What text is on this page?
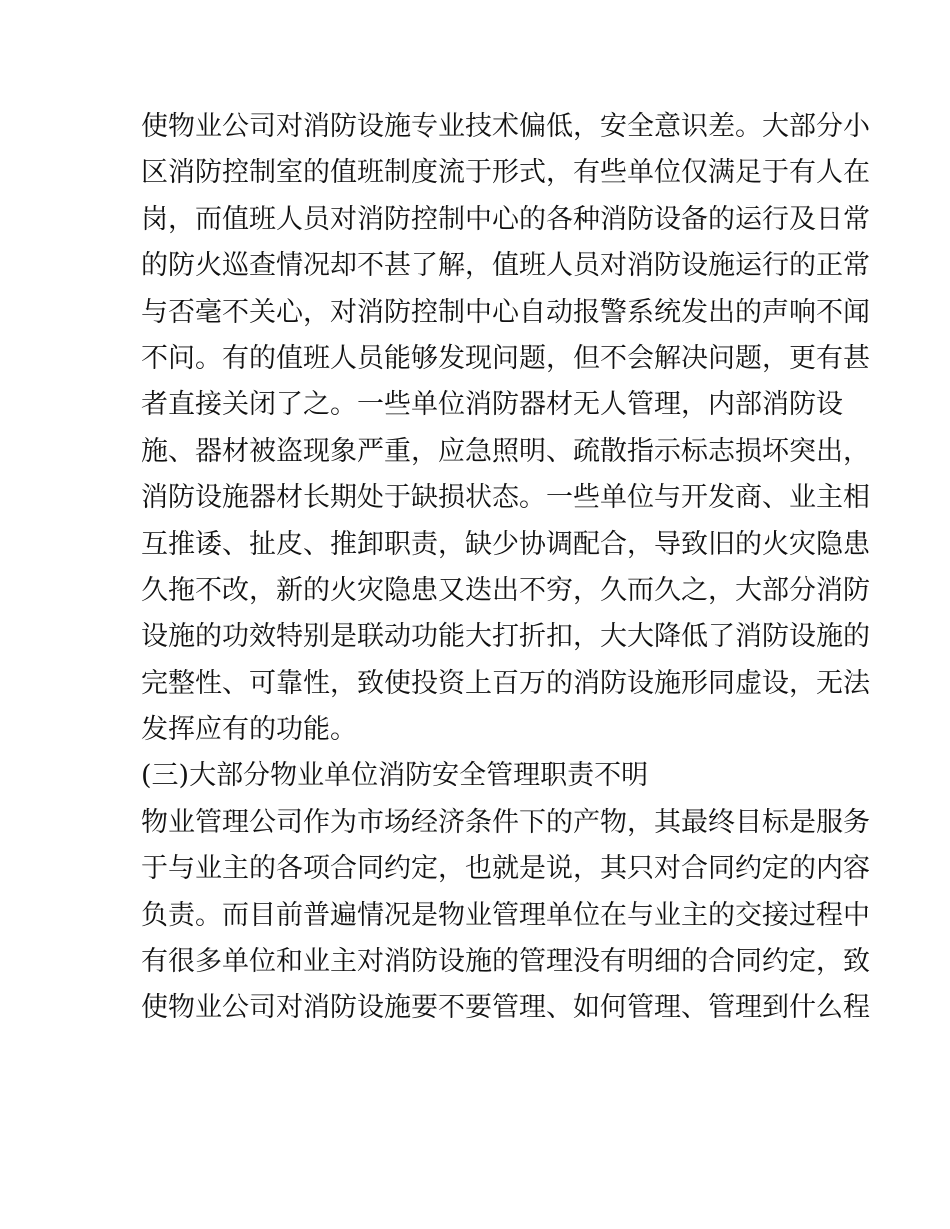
使物业公司对消防设施专业技术偏低，安全意识差。大部分小
区消防控制室的值班制度流于形式，有些单位仅满足于有人在
岗，而值班人员对消防控制中心的各种消防设备的运行及日常
的防火巡查情况却不甚了解，值班人员对消防设施运行的正常
与否毫不关心，对消防控制中心自动报警系统发出的声响不闻
不问。有的值班人员能够发现问题，但不会解决问题，更有甚
者直接关闭了之。一些单位消防器材无人管理，内部消防设
施、器材被盗现象严重，应急照明、疏散指示标志损坏突出，
消防设施器材长期处于缺损状态。一些单位与开发商、业主相
互推诿、扯皮、推卸职责，缺少协调配合，导致旧的火灾隐患
久拖不改，新的火灾隐患又迭出不穷，久而久之，大部分消防
设施的功效特别是联动功能大打折扣，大大降低了消防设施的
完整性、可靠性，致使投资上百万的消防设施形同虚设，无法
发挥应有的功能。
(三)大部分物业单位消防安全管理职责不明
物业管理公司作为市场经济条件下的产物，其最终目标是服务
于与业主的各项合同约定，也就是说，其只对合同约定的内容
负责。而目前普遍情况是物业管理单位在与业主的交接过程中
有很多单位和业主对消防设施的管理没有明细的合同约定，致
使物业公司对消防设施要不要管理、如何管理、管理到什么程
